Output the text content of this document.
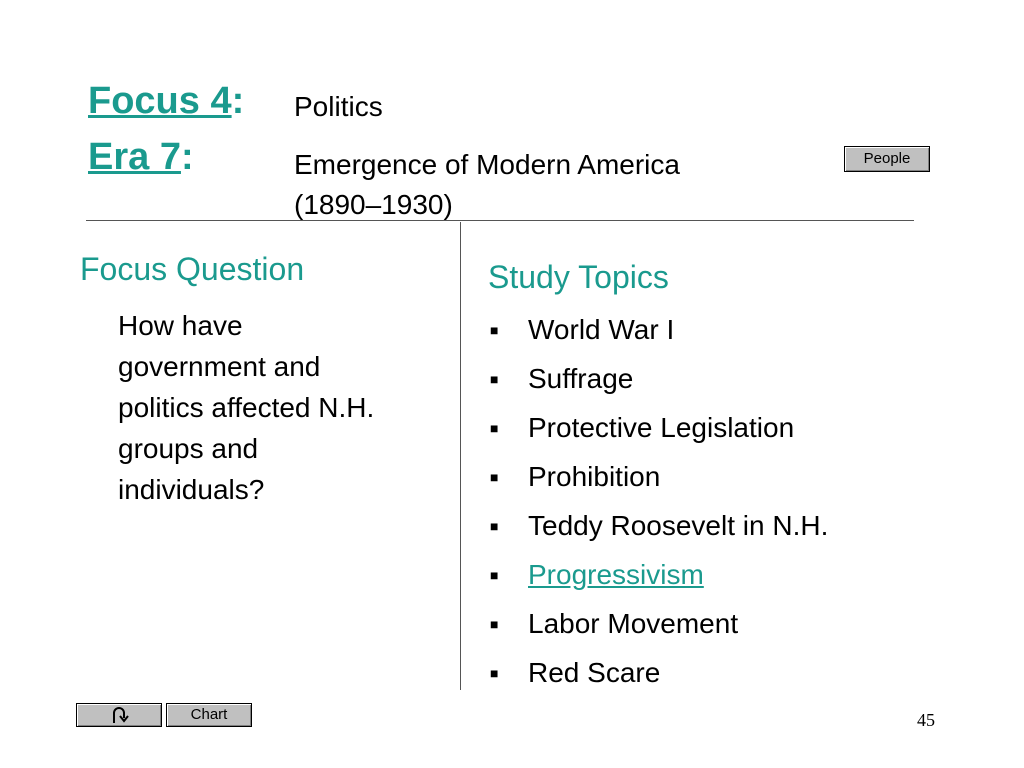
Focus 4: Politics
Era 7:	Emergence of Modern America
(1890–1930)
People
Focus Question
How have
government and
politics affected N.H.
groups and
individuals?
Study Topics
■ World War I
■ Suffrage
■ Protective Legislation
■ Prohibition
■ Teddy Roosevelt in N.H.
■ Progressivism
■ Labor Movement
■ Red Scare
Chart	45
